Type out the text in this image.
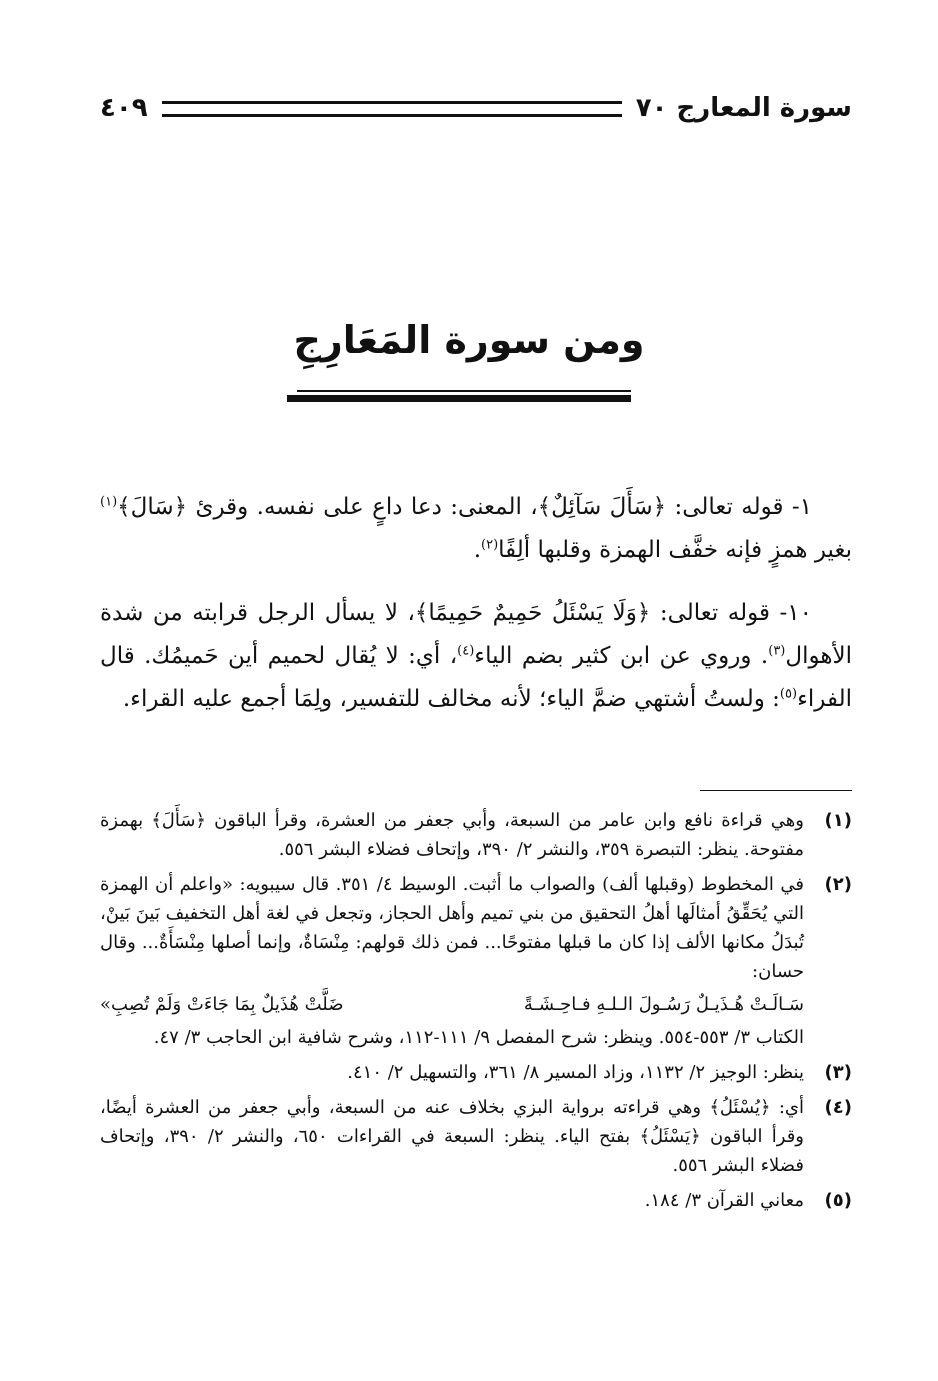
سورة المعارج ٧٠
٤٠٩
ومن سورة المَعَارِجِ

١- قوله تعالى: ﴿سَأَلَ سَآئِلٌ﴾، المعنى: دعا داعٍ على نفسه. وقرئ ﴿سَالَ﴾$^{(١)}$ بغير همزٍ فإنه خفَّف الهمزة وقلبها ألِفًا$^{(٢)}$.

١٠- قوله تعالى: ﴿وَلَا يَسْئَلُ حَمِيمٌ حَمِيمًا﴾، لا يسأل الرجل قرابته من شدة الأهوال$^{(٣)}$. وروي عن ابن كثير بضم الياء$^{(٤)}$، أي: لا يُقال لحميم أين حَميمُك. قال الفراء$^{(٥)}$: ولستُ أشتهي ضمَّ الياء؛ لأنه مخالف للتفسير، ولِمَا أجمع عليه القراء.

(١)
وهي قراءة نافع وابن عامر من السبعة، وأبي جعفر من العشرة، وقرأ الباقون ﴿سَأَلَ﴾ بهمزة مفتوحة. ينظر: التبصرة ٣٥٩، والنشر ٢/ ٣٩٠، وإتحاف فضلاء البشر ٥٥٦.
(٢)
في المخطوط (وقبلها ألف) والصواب ما أثبت. الوسيط ٤/ ٣٥١. قال سيبويه: «واعلم أن الهمزة التي يُحَقِّقُ أمثالَها أهلُ التحقيق من بني تميم وأهل الحجاز، وتجعل في لغة أهل التخفيف بَينَ بَينْ، تُبدَلُ مكانها الألف إذا كان ما قبلها مفتوحًا... فمن ذلك قولهم: مِنْسَاةٌ، وإنما أصلها مِنْسَأَةٌ... وقال حسان:
سَـالَـتْ هُـذَيـلٌ رَسُـولَ الـلـهِ فـاحِـشَـةً
ضَلَّتْ هُذَيلٌ بِمَا جَاءَتْ وَلَمْ تُصِبِ»
الكتاب ٣/ ٥٥٣-٥٥٤. وينظر: شرح المفصل ٩/ ١١١-١١٢، وشرح شافية ابن الحاجب ٣/ ٤٧.
(٣)
ينظر: الوجيز ٢/ ١١٣٢، وزاد المسير ٨/ ٣٦١، والتسهيل ٢/ ٤١٠.
(٤)
أي: ﴿يُسْئَلُ﴾ وهي قراءته برواية البزي بخلاف عنه من السبعة، وأبي جعفر من العشرة أيضًا، وقرأ الباقون ﴿يَسْئَلُ﴾ بفتح الياء. ينظر: السبعة في القراءات ٦٥٠، والنشر ٢/ ٣٩٠، وإتحاف فضلاء البشر ٥٥٦.
(٥)
معاني القرآن ٣/ ١٨٤.
